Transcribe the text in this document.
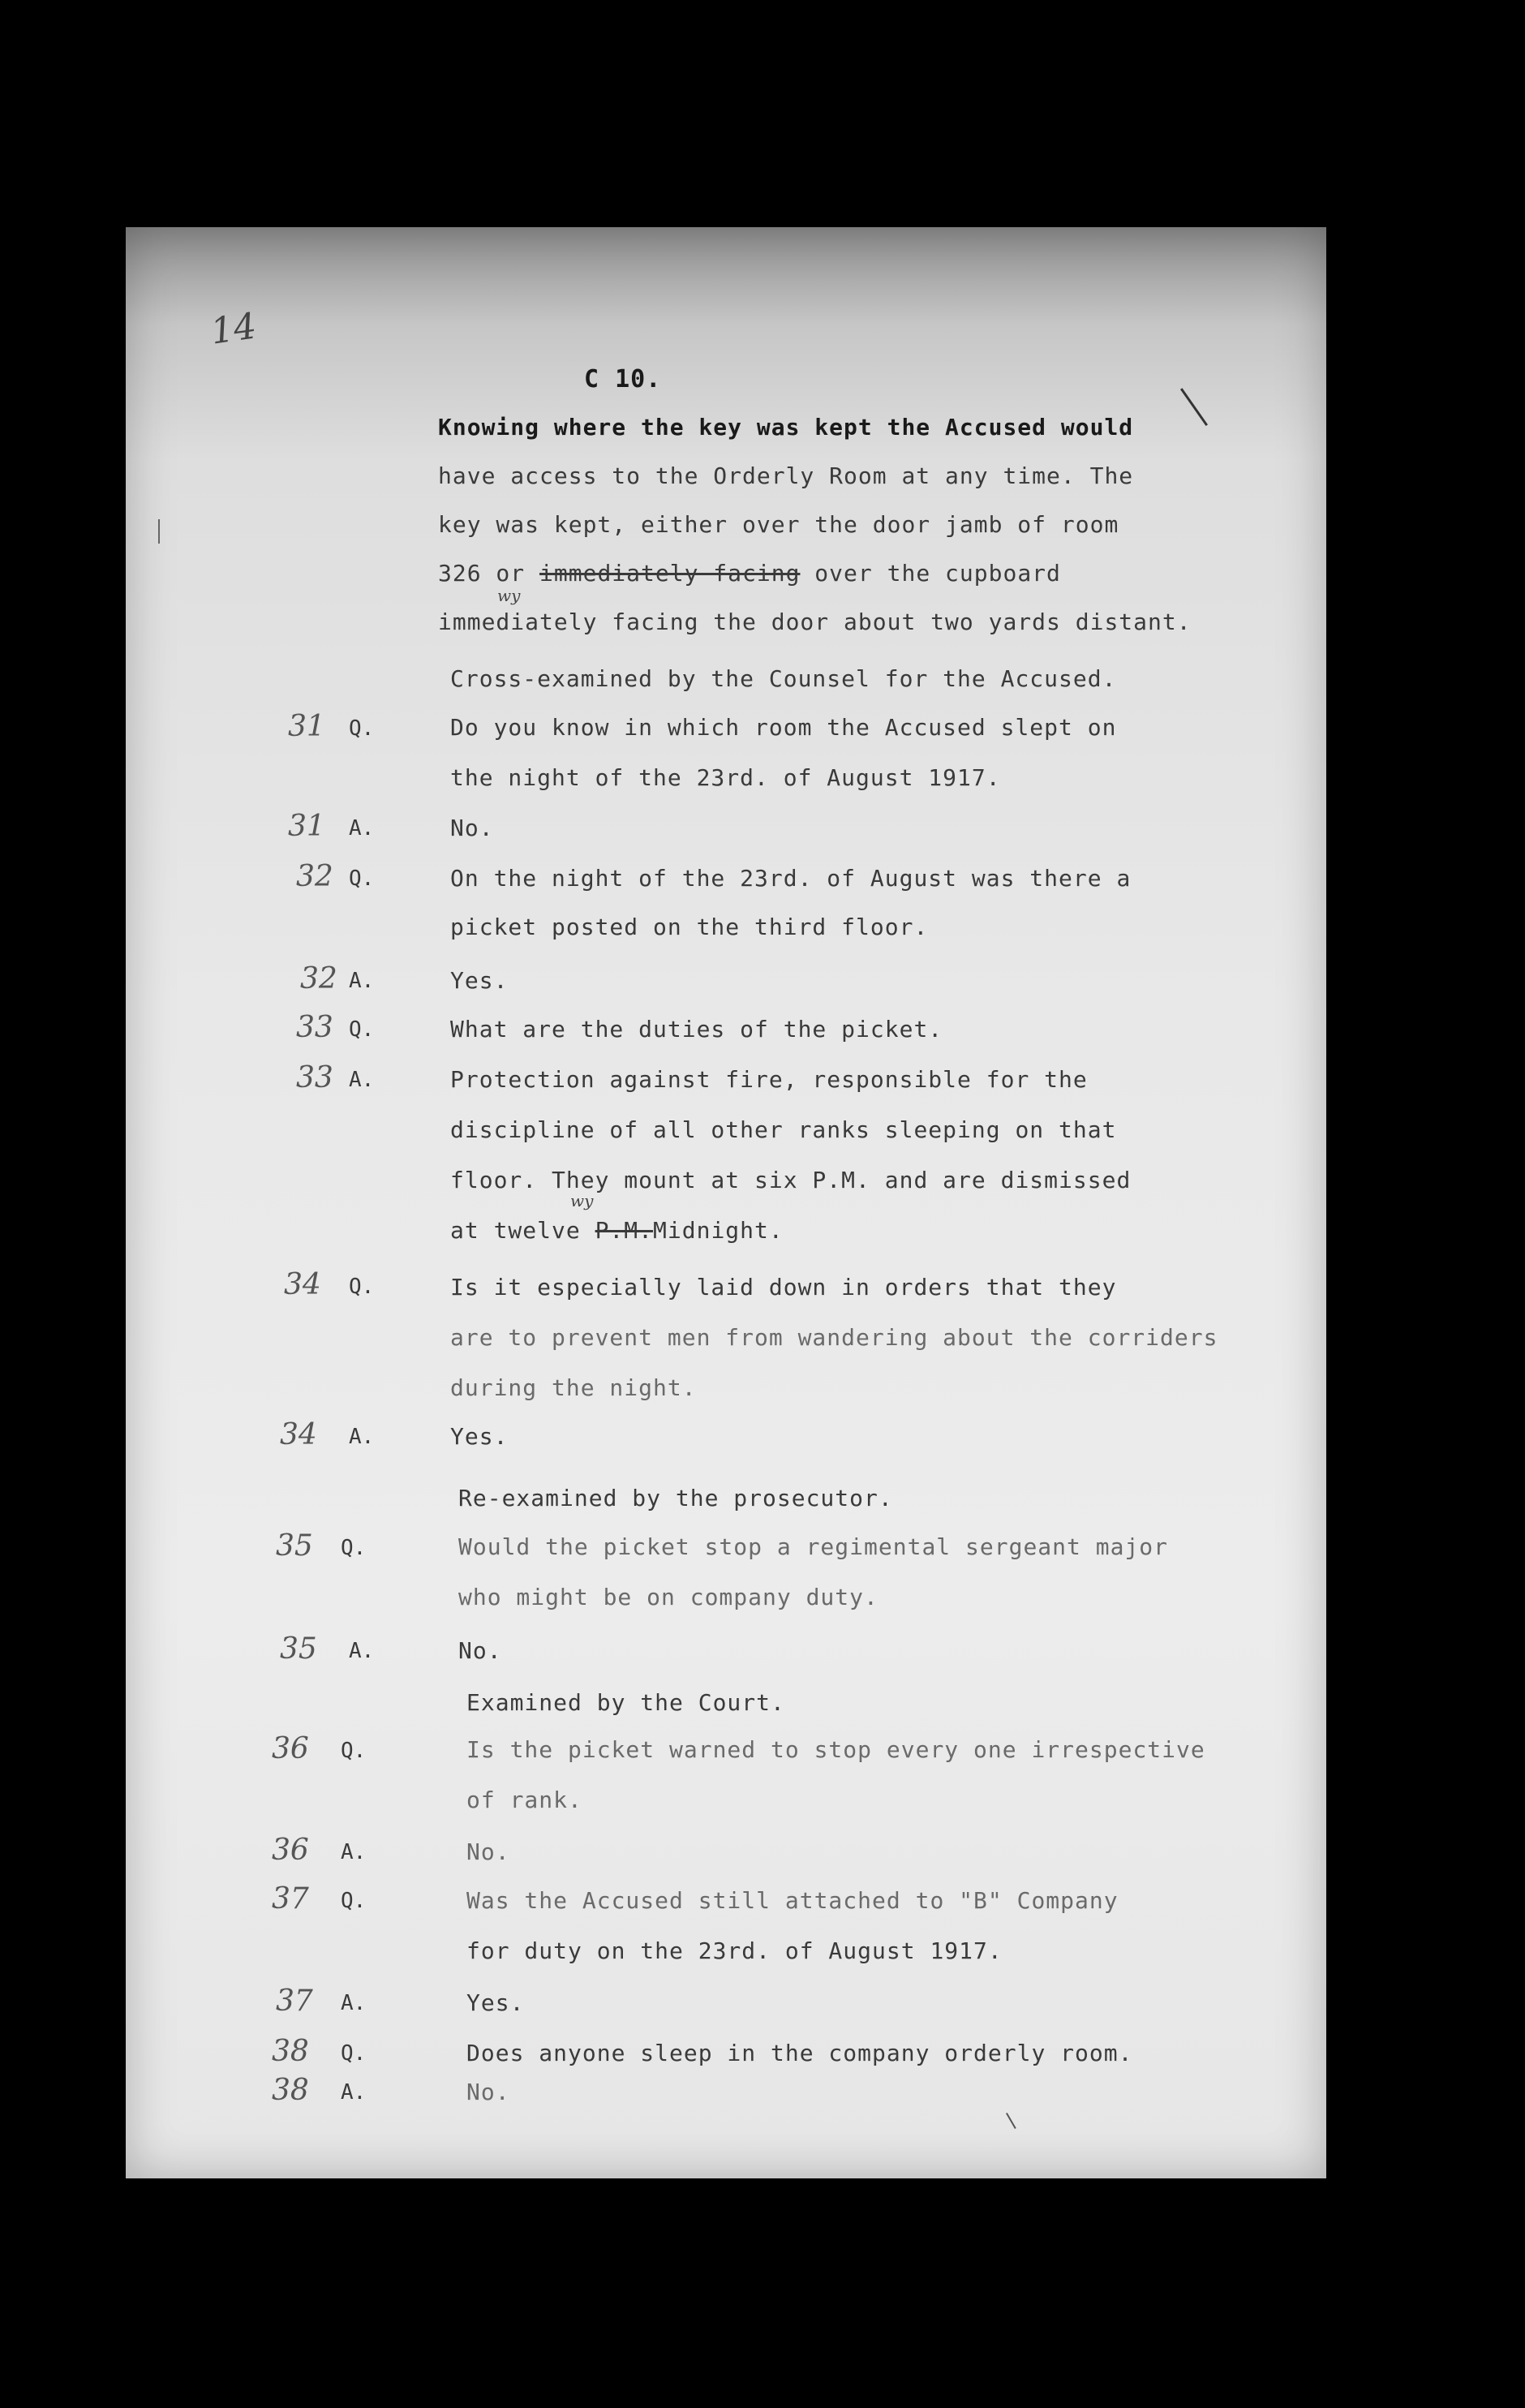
14
C 10.
Knowing where the key was kept the Accused would
have access to the Orderly Room at any time. The
key was kept, either over the door jamb of room
326 or immediately facing over the cupboard
wy
immediately facing the door about two yards distant.
Cross-examined by the Counsel for the Accused.
31 Q.	Do you know in which room the Accused slept on
the night of the 23rd. of August 1917.
31 A.	No.
32 Q.	On the night of the 23rd. of August was there a
picket posted on the third floor.
32 A.	Yes.
33 Q.	What are the duties of the picket.
33 A.	Protection against fire, responsible for the
discipline of all other ranks sleeping on that
floor. They mount at six P.M. and are dismissed
wy
at twelve P.M.Midnight.
34 Q.	Is it especially laid down in orders that they
are to prevent men from wandering about the corriders
during the night.
34 A.	Yes.
Re-examined by the prosecutor.
35 Q.	Would the picket stop a regimental sergeant major
who might be on company duty.
35 A.	No.
Examined by the Court.
36 Q.	Is the picket warned to stop every one irrespective
of rank.
36 A.	No.
37 Q.	Was the Accused still attached to "B" Company
for duty on the 23rd. of August 1917.
37 A.	Yes.
38 Q.	Does anyone sleep in the company orderly room.
38 A.	No.
